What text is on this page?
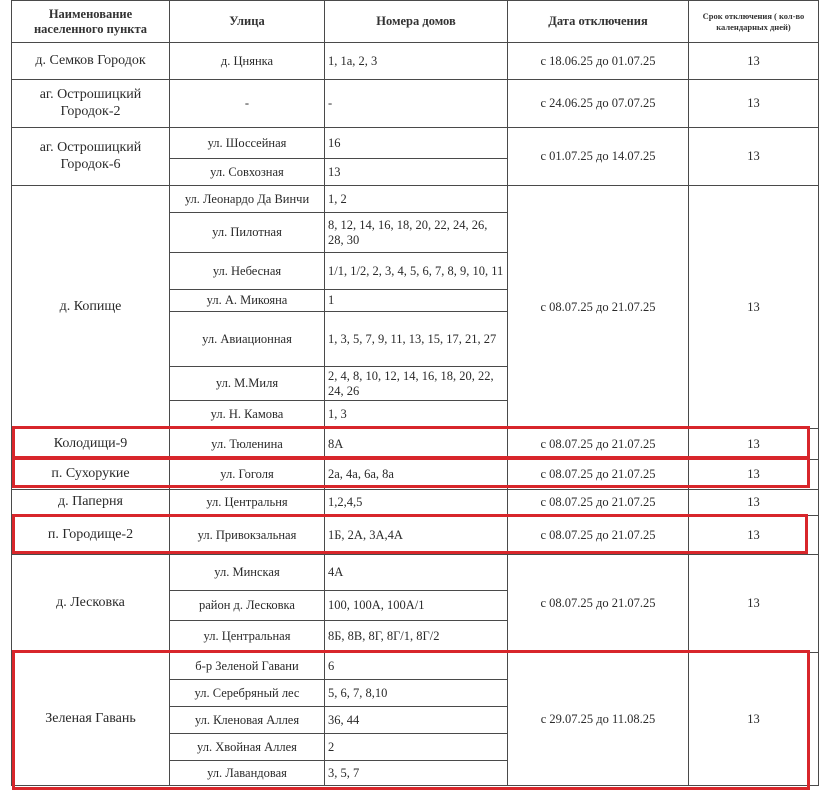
Наименование населенного пункта	Улица	Номера домов	Дата отключения	Срок отключения ( кол-во календарных дней)
д. Семков Городок	д. Цнянка	1, 1а, 2, 3	с 18.06.25 до 01.07.25	13
аг. Острошицкий Городок-2	-	-	с 24.06.25 до 07.07.25	13
аг. Острошицкий Городок-6	ул. Шоссейная	16	с 01.07.25 до 14.07.25	13
	ул. Совхозная	13		
д. Копище	ул. Леонардо Да Винчи	1, 2	с 08.07.25 до 21.07.25	13
	ул. Пилотная	8, 12, 14, 16, 18, 20, 22, 24, 26, 28, 30		
	ул. Небесная	1/1, 1/2, 2, 3, 4, 5, 6, 7, 8, 9, 10, 11		
	ул. А. Микояна	1		
	ул. Авиационная	1, 3, 5, 7, 9, 11, 13, 15, 17, 21, 27		
	ул. М.Миля	2, 4, 8, 10, 12, 14, 16, 18, 20, 22, 24, 26		
	ул. Н. Камова	1, 3		
Колодищи-9	ул. Тюленина	8А	с 08.07.25 до 21.07.25	13
п. Сухорукие	ул. Гоголя	2а, 4а, 6а, 8а	с 08.07.25 до 21.07.25	13
д. Паперня	ул. Центральня	1,2,4,5	с 08.07.25 до 21.07.25	13
п. Городище-2	ул. Привокзальная	1Б, 2А, 3А,4А	с 08.07.25 до 21.07.25	13
д. Лесковка	ул. Минская	4А	с 08.07.25 до 21.07.25	13
	район д. Лесковка	100, 100А, 100А/1		
	ул. Центральная	8Б, 8В, 8Г, 8Г/1, 8Г/2		
Зеленая Гавань	б-р Зеленой Гавани	6	с 29.07.25 до 11.08.25	13
	ул. Серебряный лес	5, 6, 7, 8,10		
	ул. Кленовая Аллея	36, 44		
	ул. Хвойная Аллея	2		
	ул. Лавандовая	3, 5, 7		
